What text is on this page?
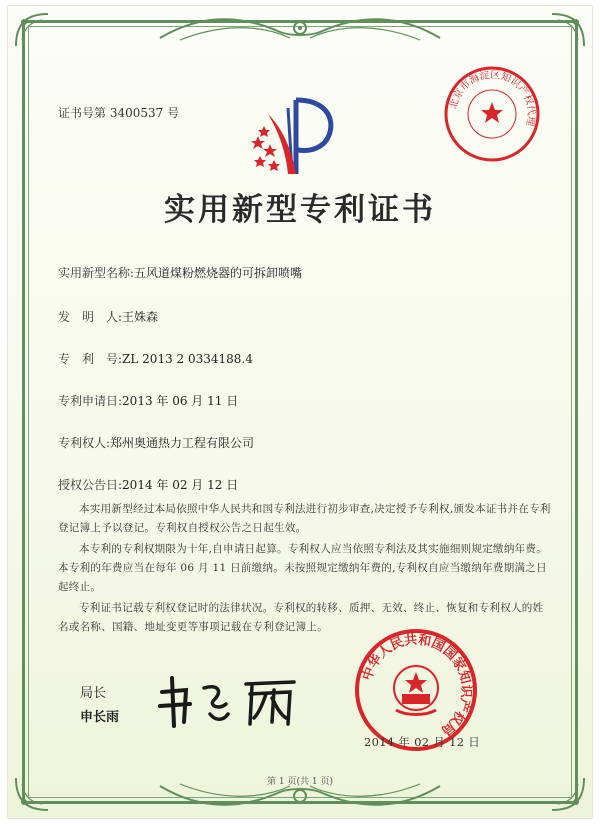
证书号第 3400537 号
北京市海淀区知识产权代理
实用新型专利证书
实用新型名称:五风道煤粉燃烧器的可拆卸喷嘴
发　明　人:王姝森
专　利　号:ZL 2013 2 0334188.4
专利申请日:2013 年 06 月 11 日
专利权人:郑州奥通热力工程有限公司
授权公告日:2014 年 02 月 12 日

本实用新型经过本局依照中华人民共和国专利法进行初步审查,决定授予专利权,颁发本证书并在专利登记簿上予以登记。专利权自授权公告之日起生效。

本专利的专利权期限为十年,自申请日起算。专利权人应当依照专利法及其实施细则规定缴纳年费。本专利的年费应当在每年 06 月 11 日前缴纳。未按照规定缴纳年费的,专利权自应当缴纳年费期满之日起终止。

专利证书记载专利权登记时的法律状况。专利权的转移、质押、无效、终止、恢复和专利权人的姓名或名称、国籍、地址变更等事项记载在专利登记簿上。

局长
申长雨
中华人民共和国国家知识产权局
2014 年 02 月 12 日
第 1 页(共 1 页)
